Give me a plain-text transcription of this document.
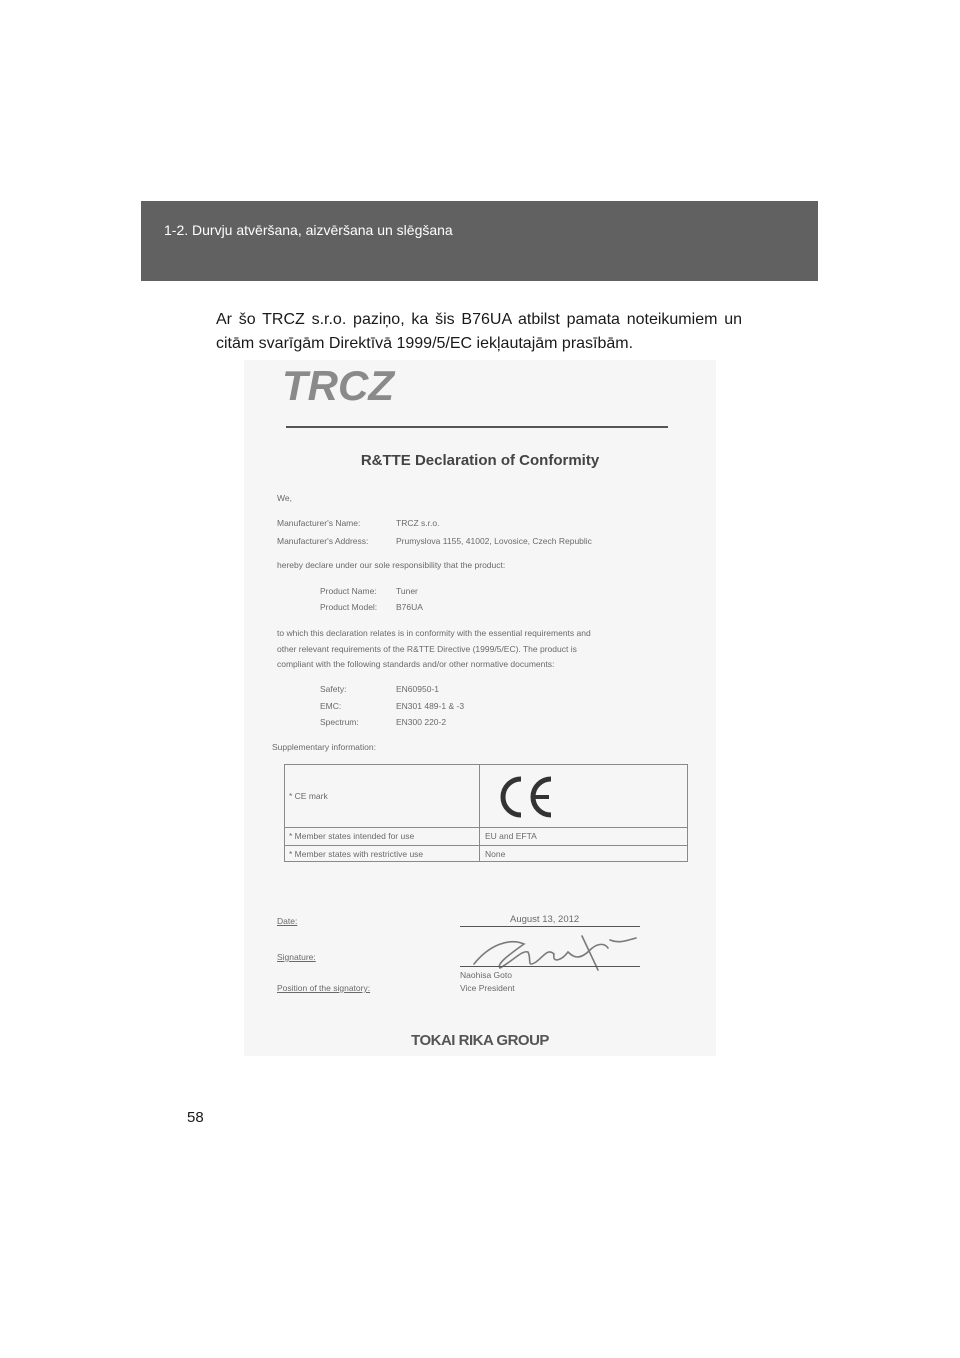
1-2. Durvju atvēršana, aizvēršana un slēgšana
Ar šo TRCZ s.r.o. paziņo, ka šis B76UA atbilst pamata noteikumiem un citām svarīgām Direktīvā 1999/5/EC iekļautajām prasībām.
TRCZ
R&TTE Declaration of Conformity
We,
Manufacturer's Name:	TRCZ s.r.o.
Manufacturer's Address:	Prumyslova 1155, 41002, Lovosice, Czech Republic
hereby declare under our sole responsibility that the product:
Product Name: Tuner
Product Model: B76UA
to which this declaration relates is in conformity with the essential requirements and
other relevant requirements of the R&TTE Directive (1999/5/EC). The product is
compliant with the following standards and/or other normative documents:
Safety:	EN60950-1
EMC:	EN301 489-1 & -3
Spectrum:	EN300 220-2
Supplementary information:
* CE mark
* Member states intended for use	EU and EFTA
* Member states with restrictive use	None
Date:	August 13, 2012
Signature:
Naohisa Goto
Position of the signatory:	Vice President
TOKAI RIKA GROUP
58
